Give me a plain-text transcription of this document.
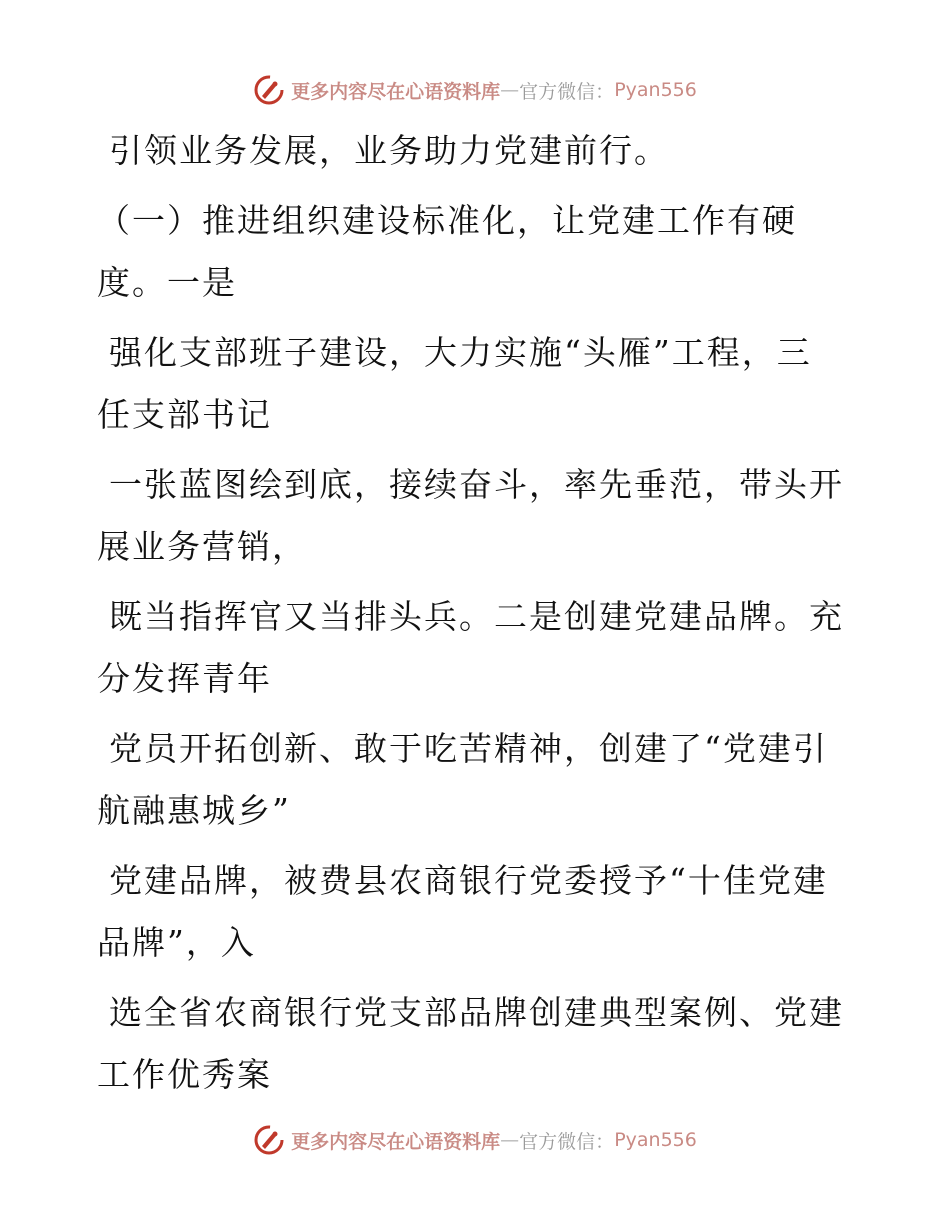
更多内容尽在心语资料库 — 官方微信： Pyan556
引领业务发展，业务助力党建前行。
（一）推进组织建设标准化，让党建工作有硬
度。一是
强化支部班子建设，大力实施“头雁”工程，三
任支部书记
一张蓝图绘到底，接续奋斗，率先垂范，带头开
展业务营销，
既当指挥官又当排头兵。二是创建党建品牌。充
分发挥青年
党员开拓创新、敢于吃苦精神，创建了“党建引
航融惠城乡”
党建品牌，被费县农商银行党委授予“十佳党建
品牌”，入
选全省农商银行党支部品牌创建典型案例、党建
工作优秀案
更多内容尽在心语资料库 — 官方微信： Pyan556
